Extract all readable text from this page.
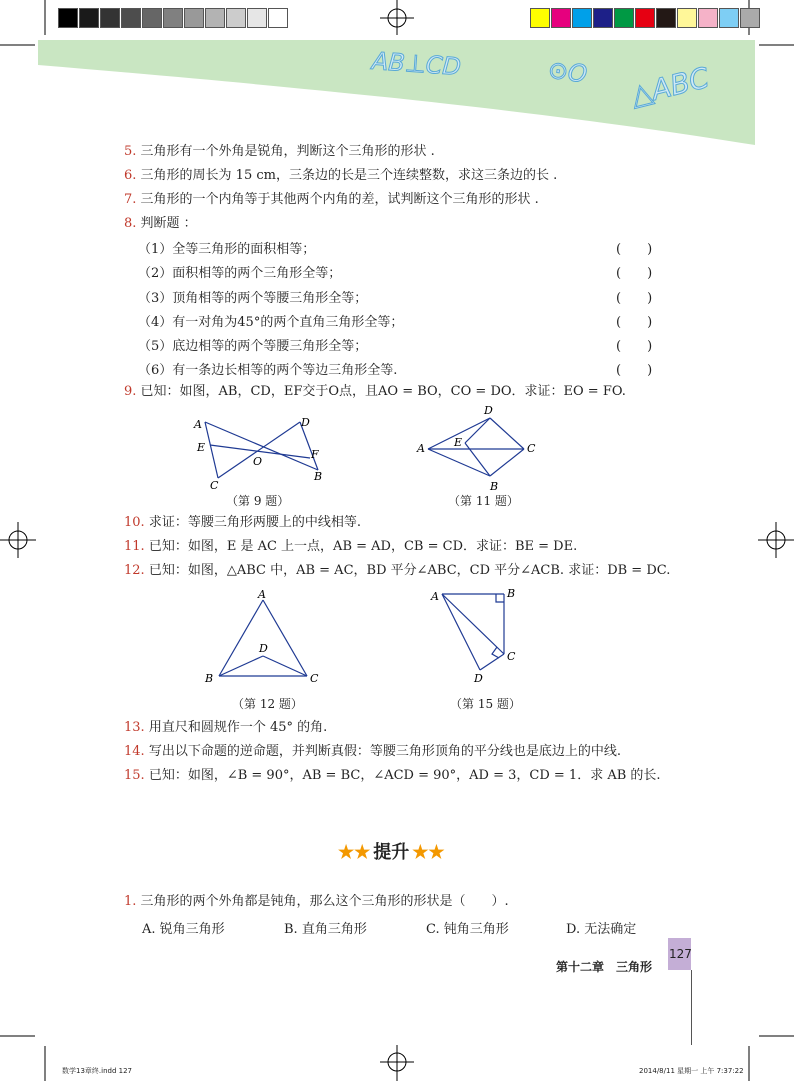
AB⊥CD	⊙O △ABC
5. 三角形有一个外角是锐角，判断这个三角形的形状 .
6. 三角形的周长为 15 cm，三条边的长是三个连续整数，求这三条边的长 .
7. 三角形的一个内角等于其他两个内角的差，试判断这个三角形的形状 .
8. 判断题 ：
（1）全等三角形的面积相等；	(　　)
（2）面积相等的两个三角形全等；	(　　)
（3）顶角相等的两个等腰三角形全等；	(　　)
（4）有一对角为45°的两个直角三角形全等；	(　　)
（5）底边相等的两个等腰三角形全等；	(　　)
（6）有一条边长相等的两个等边三角形全等.	(　　)
9. 已知：如图，AB，CD，EF交于O点，且AO = BO，CO = DO．求证：EO = FO.
A	D
E
F
O
C
B
（第 9 题）
D
A	E	C
B
（第 11 题）
10. 求证：等腰三角形两腰上的中线相等.
11. 已知：如图，E 是 AC 上一点，AB = AD，CB = CD．求证：BE = DE.
12. 已知：如图，△ABC 中，AB = AC，BD 平分∠ABC，CD 平分∠ACB. 求证：DB = DC.
A
D
B	C
（第 12 题）
A	B
C
D
（第 15 题）
13. 用直尺和圆规作一个 45° 的角.
14. 写出以下命题的逆命题，并判断真假：等腰三角形顶角的平分线也是底边上的中线.
15. 已知：如图，∠B = 90°，AB = BC，∠ACD = 90°，AD = 3，CD = 1．求 AB 的长.
★★ 提升 ★★
1. 三角形的两个外角都是钝角，那么这个三角形的形状是（　　）.
A. 锐角三角形	B. 直角三角形	C. 钝角三角形	D. 无法确定
第十二章　三角形
127
数学13章终.indd 127	2014/8/11 星期一 上午 7:37:22
